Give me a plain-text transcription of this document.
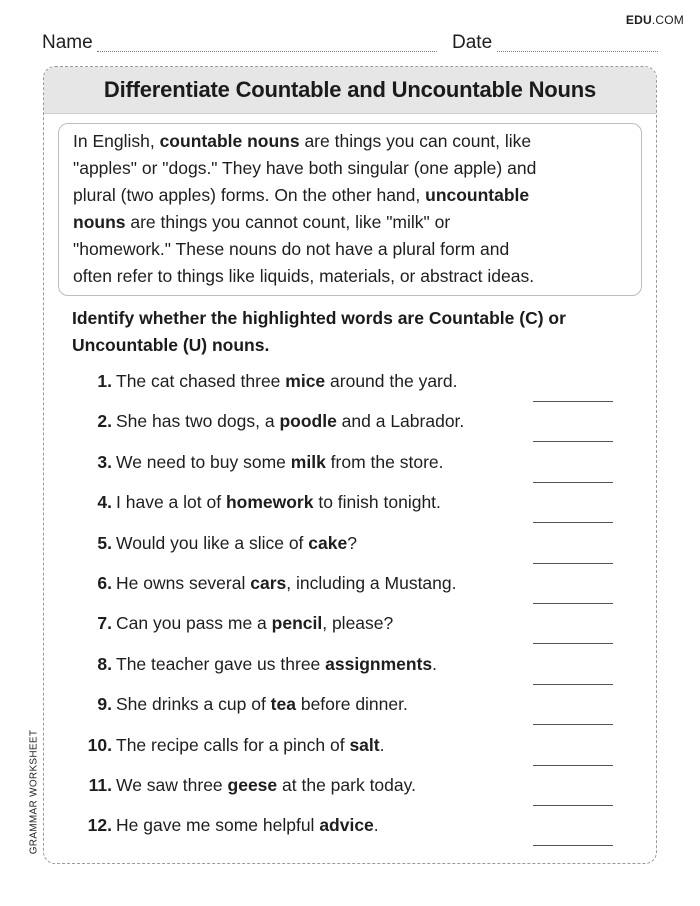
EDU.COM
Name	Date
GRAMMAR WORKSHEET
Differentiate Countable and Uncountable Nouns
In English, countable nouns are things you can count, like
"apples" or "dogs." They have both singular (one apple) and
plural (two apples) forms. On the other hand, uncountable
nouns are things you cannot count, like "milk" or
"homework." These nouns do not have a plural form and
often refer to things like liquids, materials, or abstract ideas.
Identify whether the highlighted words are Countable (C) or
Uncountable (U) nouns.
1. The cat chased three mice around the yard.
2. She has two dogs, a poodle and a Labrador.
3. We need to buy some milk from the store.
4. I have a lot of homework to finish tonight.
5. Would you like a slice of cake?
6. He owns several cars, including a Mustang.
7. Can you pass me a pencil, please?
8. The teacher gave us three assignments.
9. She drinks a cup of tea before dinner.
10. The recipe calls for a pinch of salt.
11. We saw three geese at the park today.
12. He gave me some helpful advice.
